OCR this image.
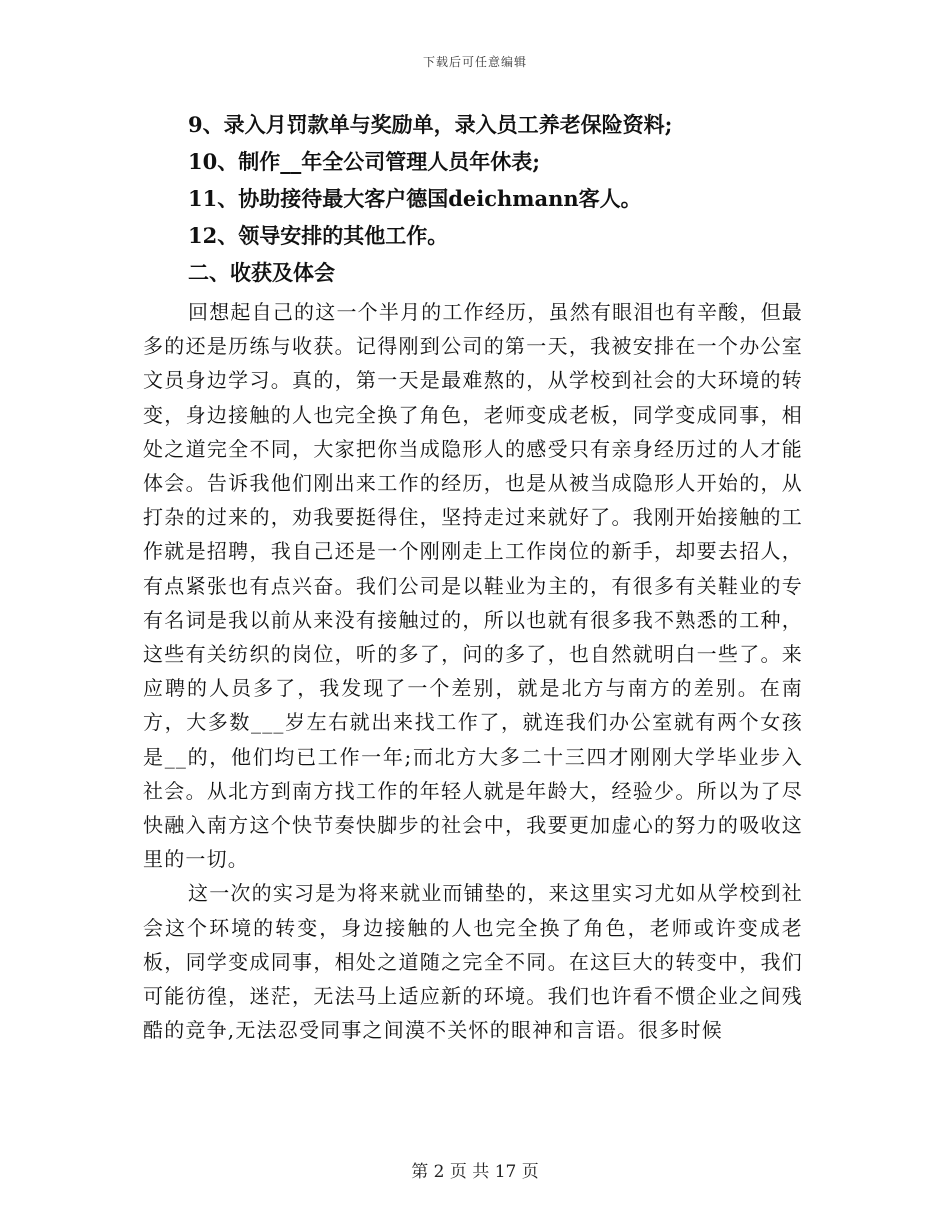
下载后可任意编辑
9、录入月罚款单与奖励单，录入员工养老保险资料;
10、制作__年全公司管理人员年休表;
11、协助接待最大客户德国deichmann客人。
12、领导安排的其他工作。
二、收获及体会
回想起自己的这一个半月的工作经历，虽然有眼泪也有辛酸，但最多的还是历练与收获。记得刚到公司的第一天，我被安排在一个办公室文员身边学习。真的，第一天是最难熬的，从学校到社会的大环境的转变，身边接触的人也完全换了角色，老师变成老板，同学变成同事，相处之道完全不同，大家把你当成隐形人的感受只有亲身经历过的人才能体会。告诉我他们刚出来工作的经历，也是从被当成隐形人开始的，从打杂的过来的，劝我要挺得住，坚持走过来就好了。我刚开始接触的工作就是招聘，我自己还是一个刚刚走上工作岗位的新手，却要去招人，有点紧张也有点兴奋。我们公司是以鞋业为主的，有很多有关鞋业的专有名词是我以前从来没有接触过的，所以也就有很多我不熟悉的工种，这些有关纺织的岗位，听的多了，问的多了，也自然就明白一些了。来应聘的人员多了，我发现了一个差别，就是北方与南方的差别。在南方，大多数___岁左右就出来找工作了，就连我们办公室就有两个女孩是__的，他们均已工作一年;而北方大多二十三四才刚刚大学毕业步入社会。从北方到南方找工作的年轻人就是年龄大，经验少。所以为了尽快融入南方这个快节奏快脚步的社会中，我要更加虚心的努力的吸收这里的一切。
这一次的实习是为将来就业而铺垫的，来这里实习尤如从学校到社会这个环境的转变，身边接触的人也完全换了角色，老师或许变成老板，同学变成同事，相处之道随之完全不同。在这巨大的转变中，我们可能彷徨，迷茫，无法马上适应新的环境。我们也许看不惯企业之间残酷的竞争,无法忍受同事之间漠不关怀的眼神和言语。很多时候
第 2 页 共 17 页
